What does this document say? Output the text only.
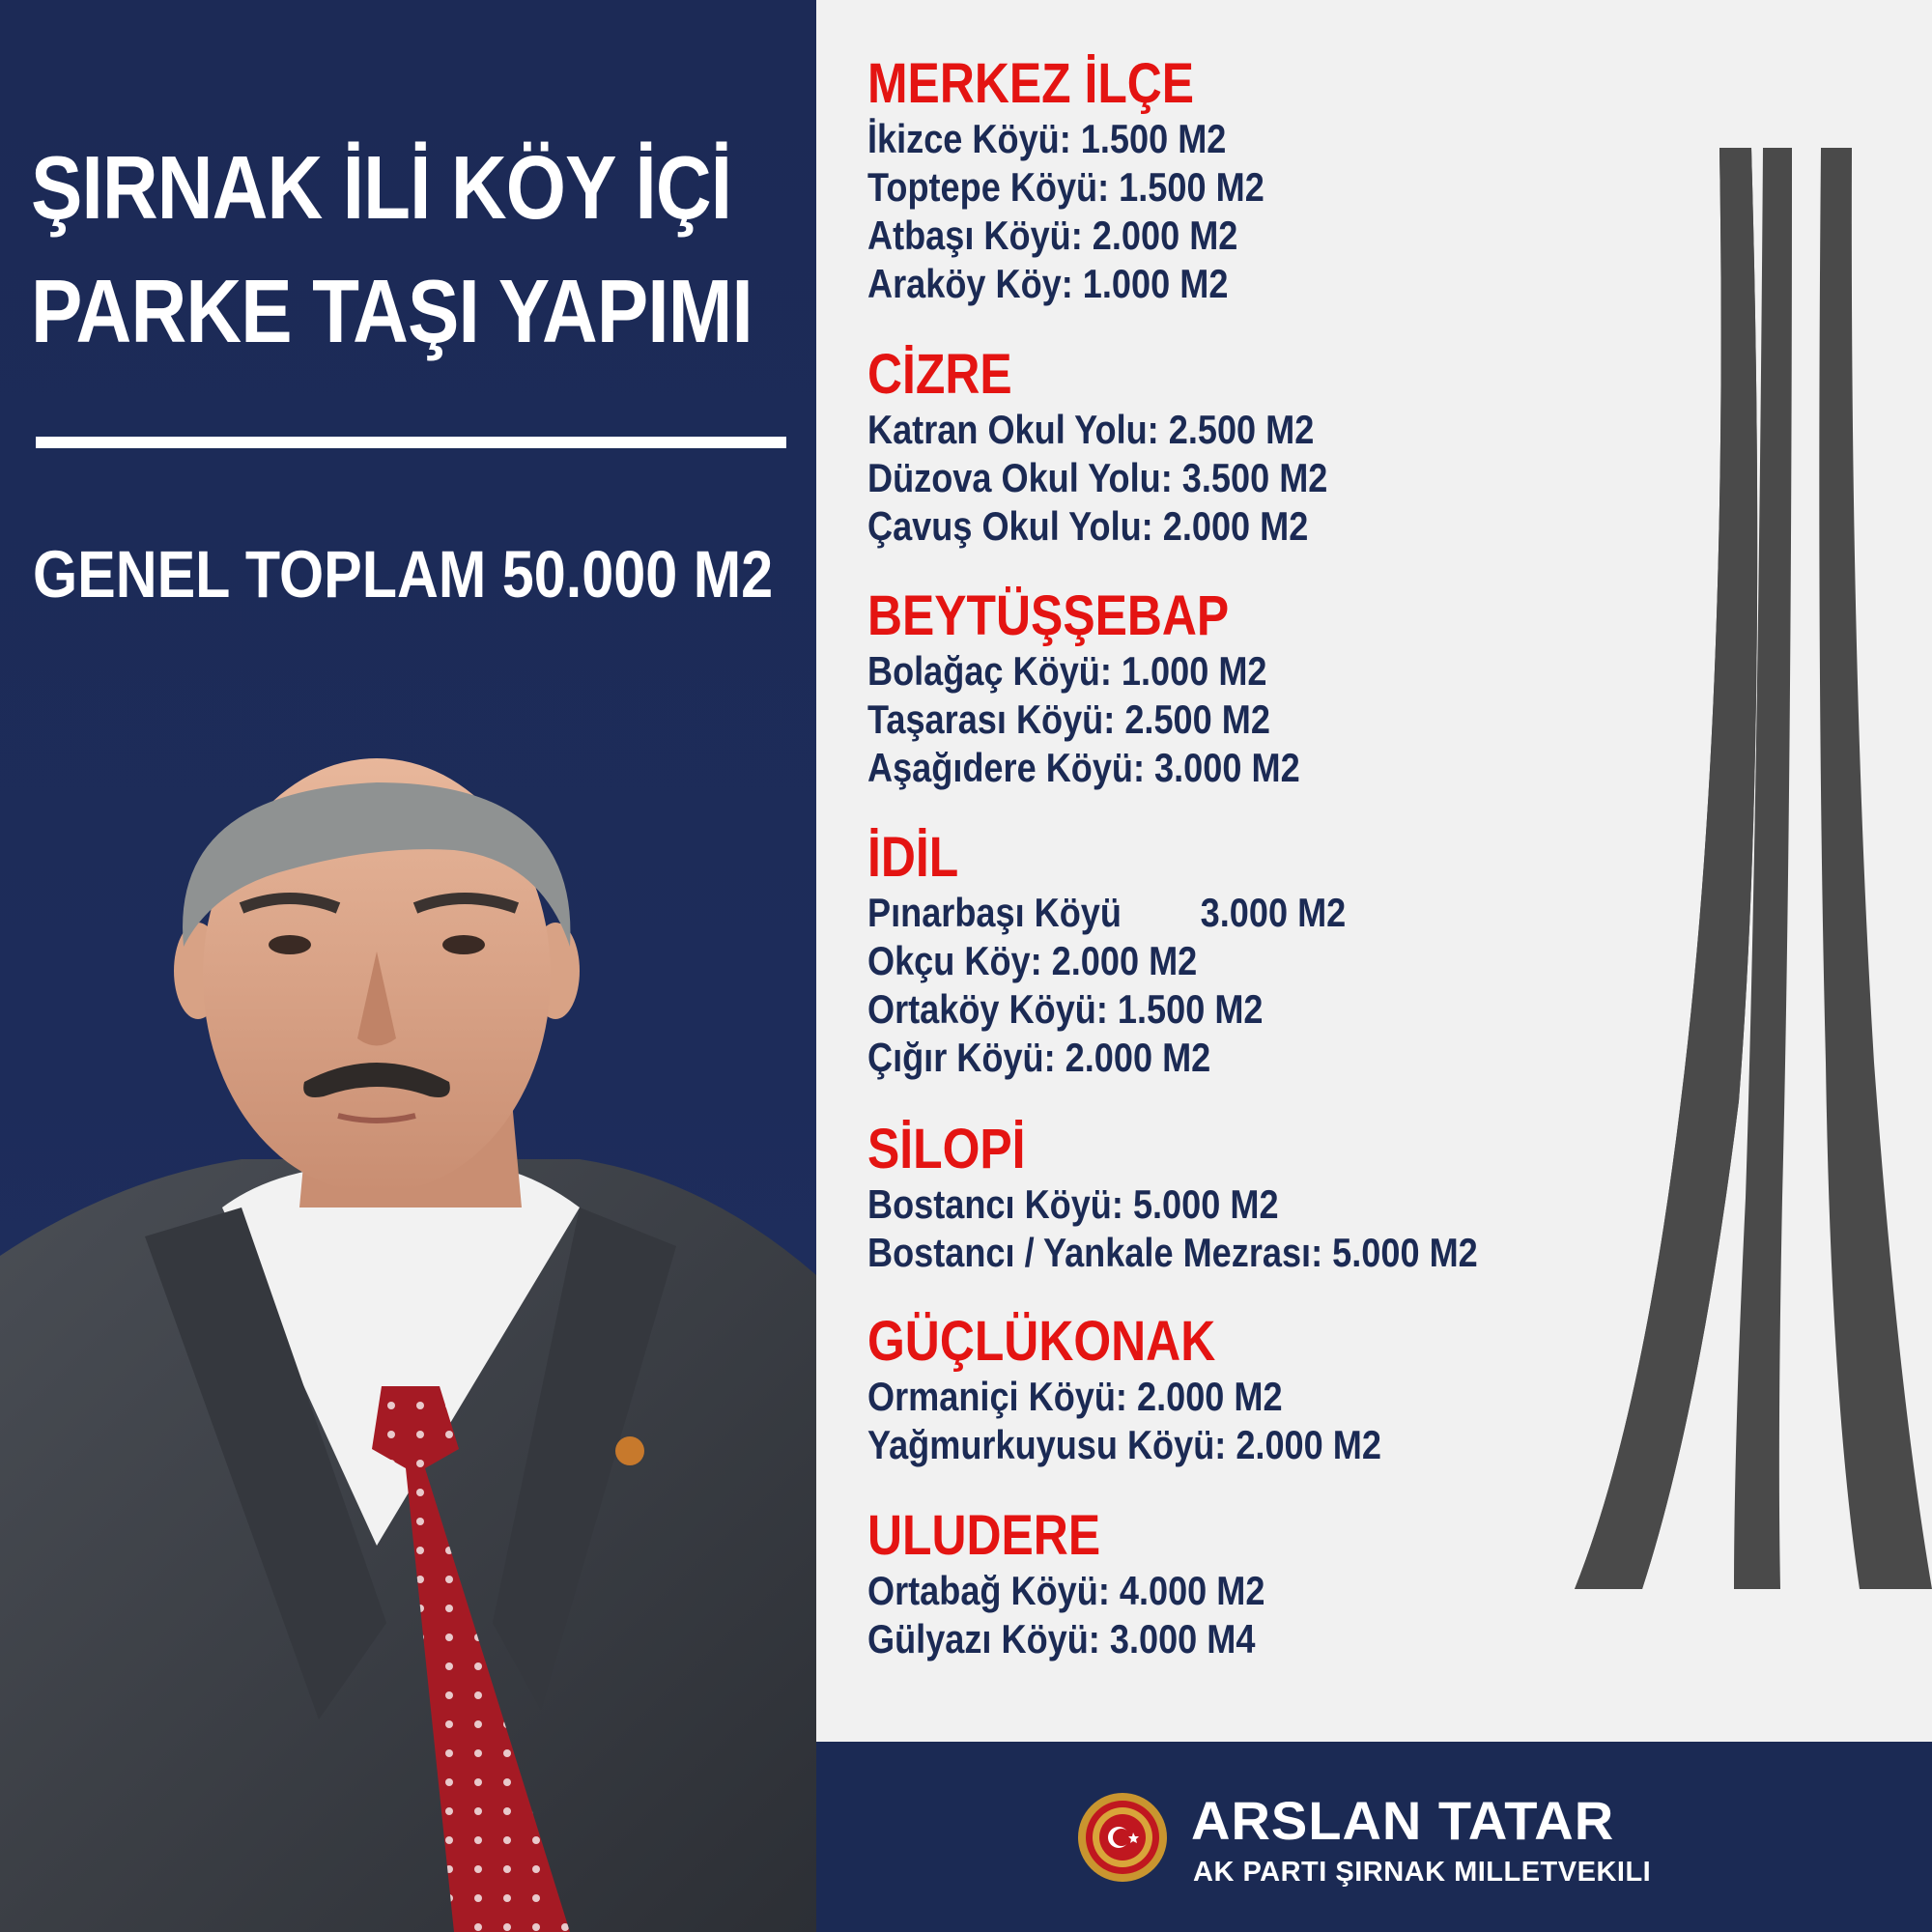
ŞIRNAK İLİ KÖY İÇİ
PARKE TAŞI YAPIMI
GENEL TOPLAM 50.000 M2
MERKEZ İLÇE
İkizce Köyü: 1.500 M2
Toptepe Köyü: 1.500 M2
Atbaşı Köyü: 2.000 M2
Araköy Köy: 1.000 M2
CİZRE
Katran Okul Yolu: 2.500 M2
Düzova Okul Yolu: 3.500 M2
Çavuş Okul Yolu: 2.000 M2
BEYTÜŞŞEBAP
Bolağaç Köyü: 1.000 M2
Taşarası Köyü: 2.500 M2
Aşağıdere Köyü: 3.000 M2
İDİL
Pınarbaşı Köyü 3.000 M2
Okçu Köy: 2.000 M2
Ortaköy Köyü: 1.500 M2
Çığır Köyü: 2.000 M2
SİLOPİ
Bostancı Köyü: 5.000 M2
Bostancı / Yankale Mezrası: 5.000 M2
GÜÇLÜKONAK
Ormaniçi Köyü: 2.000 M2
Yağmurkuyusu Köyü: 2.000 M2
ULUDERE
Ortabağ Köyü: 4.000 M2
Gülyazı Köyü: 3.000 M4
ARSLAN TATAR
AK PARTI ŞIRNAK MILLETVEKILI
